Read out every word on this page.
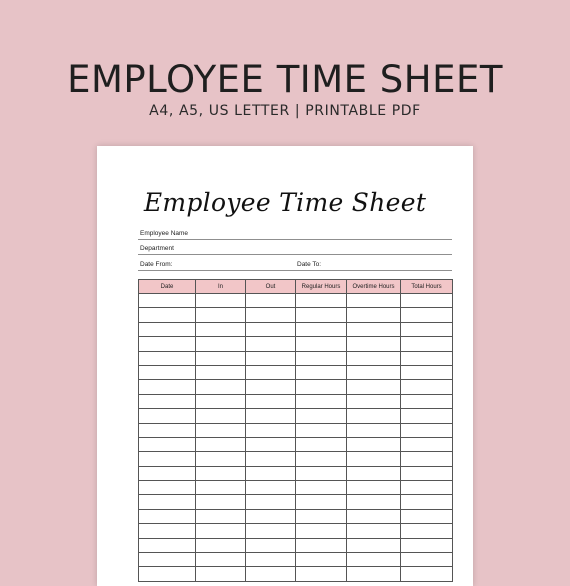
EMPLOYEE TIME SHEET
A4, A5, US LETTER | PRINTABLE PDF
Employee Time Sheet
Employee Name
Department
Date From:	Date To:
Date	In	Out	Regular Hours	Overtime Hours	Total Hours
